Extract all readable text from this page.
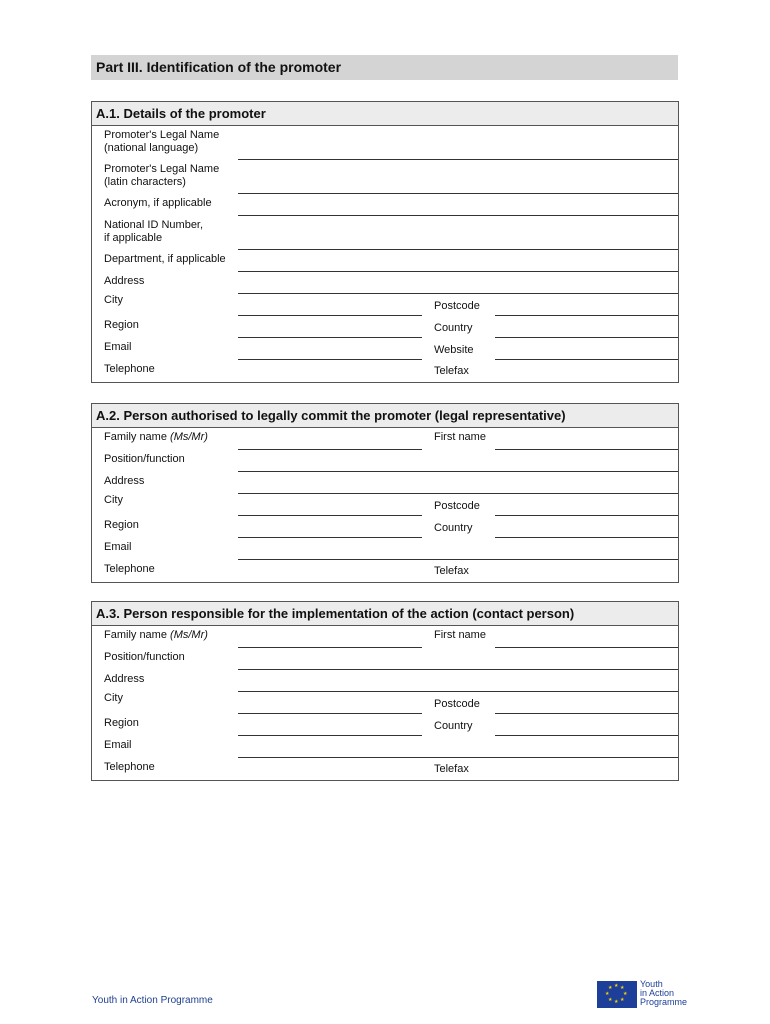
Part III. Identification of the promoter
A.1. Details of the promoter
Promoter's Legal Name
(national language)
Promoter's Legal Name
(latin characters)
Acronym, if applicable
National ID Number,
if applicable
Department, if applicable
Address
City	Postcode
Region	Country
Email	Website
Telephone	Telefax
A.2. Person authorised to legally commit the promoter (legal representative)
Family name (Ms/Mr)	First name
Position/function
Address
City	Postcode
Region	Country
Email
Telephone	Telefax
A.3. Person responsible for the implementation of the action (contact person)
Family name (Ms/Mr)	First name
Position/function
Address
City	Postcode
Region	Country
Email
Telephone	Telefax
Youth in Action Programme
★ ★
★
★
★
★
★
★	Youth
in Action
Programme
